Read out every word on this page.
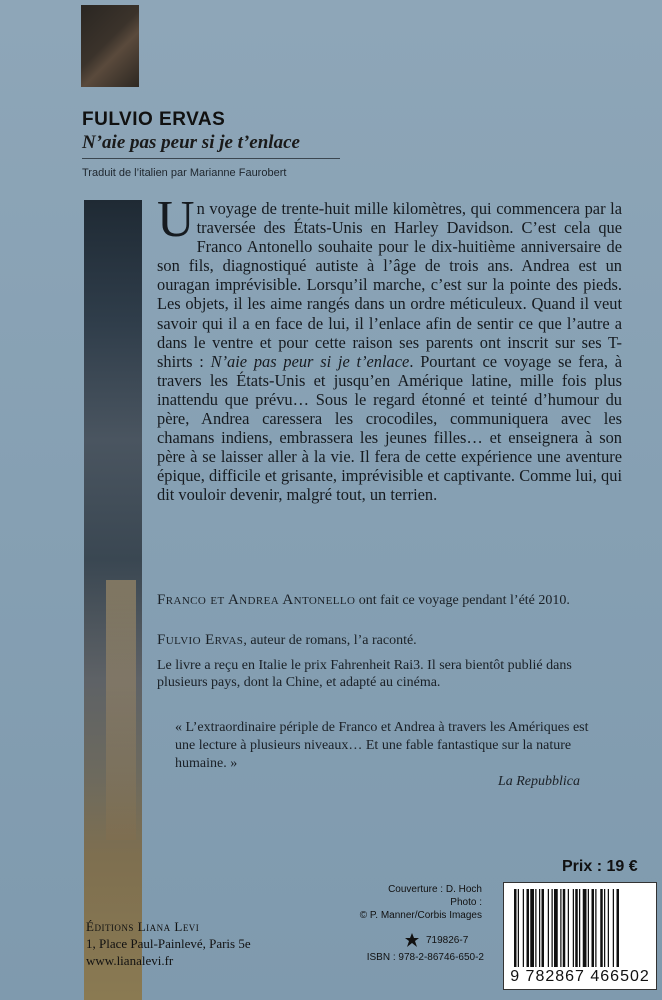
FULVIO ERVAS
N’aie pas peur si je t’enlace

Traduit de l’italien par Marianne Faurobert

Un voyage de trente-huit mille kilomètres, qui commencera par la traversée des États-Unis en Harley Davidson. C’est cela que Franco Antonello souhaite pour le dix-huitième anniversaire de son fils, diagnostiqué autiste à l’âge de trois ans. Andrea est un ouragan imprévisible. Lorsqu’il marche, c’est sur la pointe des pieds. Les objets, il les aime rangés dans un ordre méticuleux. Quand il veut savoir qui il a en face de lui, il l’enlace afin de sentir ce que l’autre a dans le ventre et pour cette raison ses parents ont inscrit sur ses T-shirts : N’aie pas peur si je t’enlace. Pourtant ce voyage se fera, à travers les États-Unis et jusqu’en Amérique latine, mille fois plus inattendu que prévu… Sous le regard étonné et teinté d’humour du père, Andrea caressera les crocodiles, communiquera avec les chamans indiens, embrassera les jeunes filles… et enseignera à son père à se laisser aller à la vie. Il fera de cette expérience une aventure épique, difficile et grisante, imprévisible et captivante. Comme lui, qui dit vouloir devenir, malgré tout, un terrien.

Franco et Andrea Antonello ont fait ce voyage pendant l’été 2010.

Fulvio Ervas, auteur de romans, l’a raconté.

Le livre a reçu en Italie le prix Fahrenheit Rai3. Il sera bientôt publié dans plusieurs pays, dont la Chine, et adapté au cinéma.

« L’extraordinaire périple de Franco et Andrea à travers les Amériques est une lecture à plusieurs niveaux… Et une fable fantastique sur la nature humaine. »
La Repubblica

Prix : 19 €

Couverture : D. Hoch
Photo :
© P. Manner/Corbis Images

719826-7

ISBN : 978-2-86746-650-2

Éditions Liana Levi
1, Place Paul-Painlevé, Paris 5e
www.lianalevi.fr

9 782867 466502
